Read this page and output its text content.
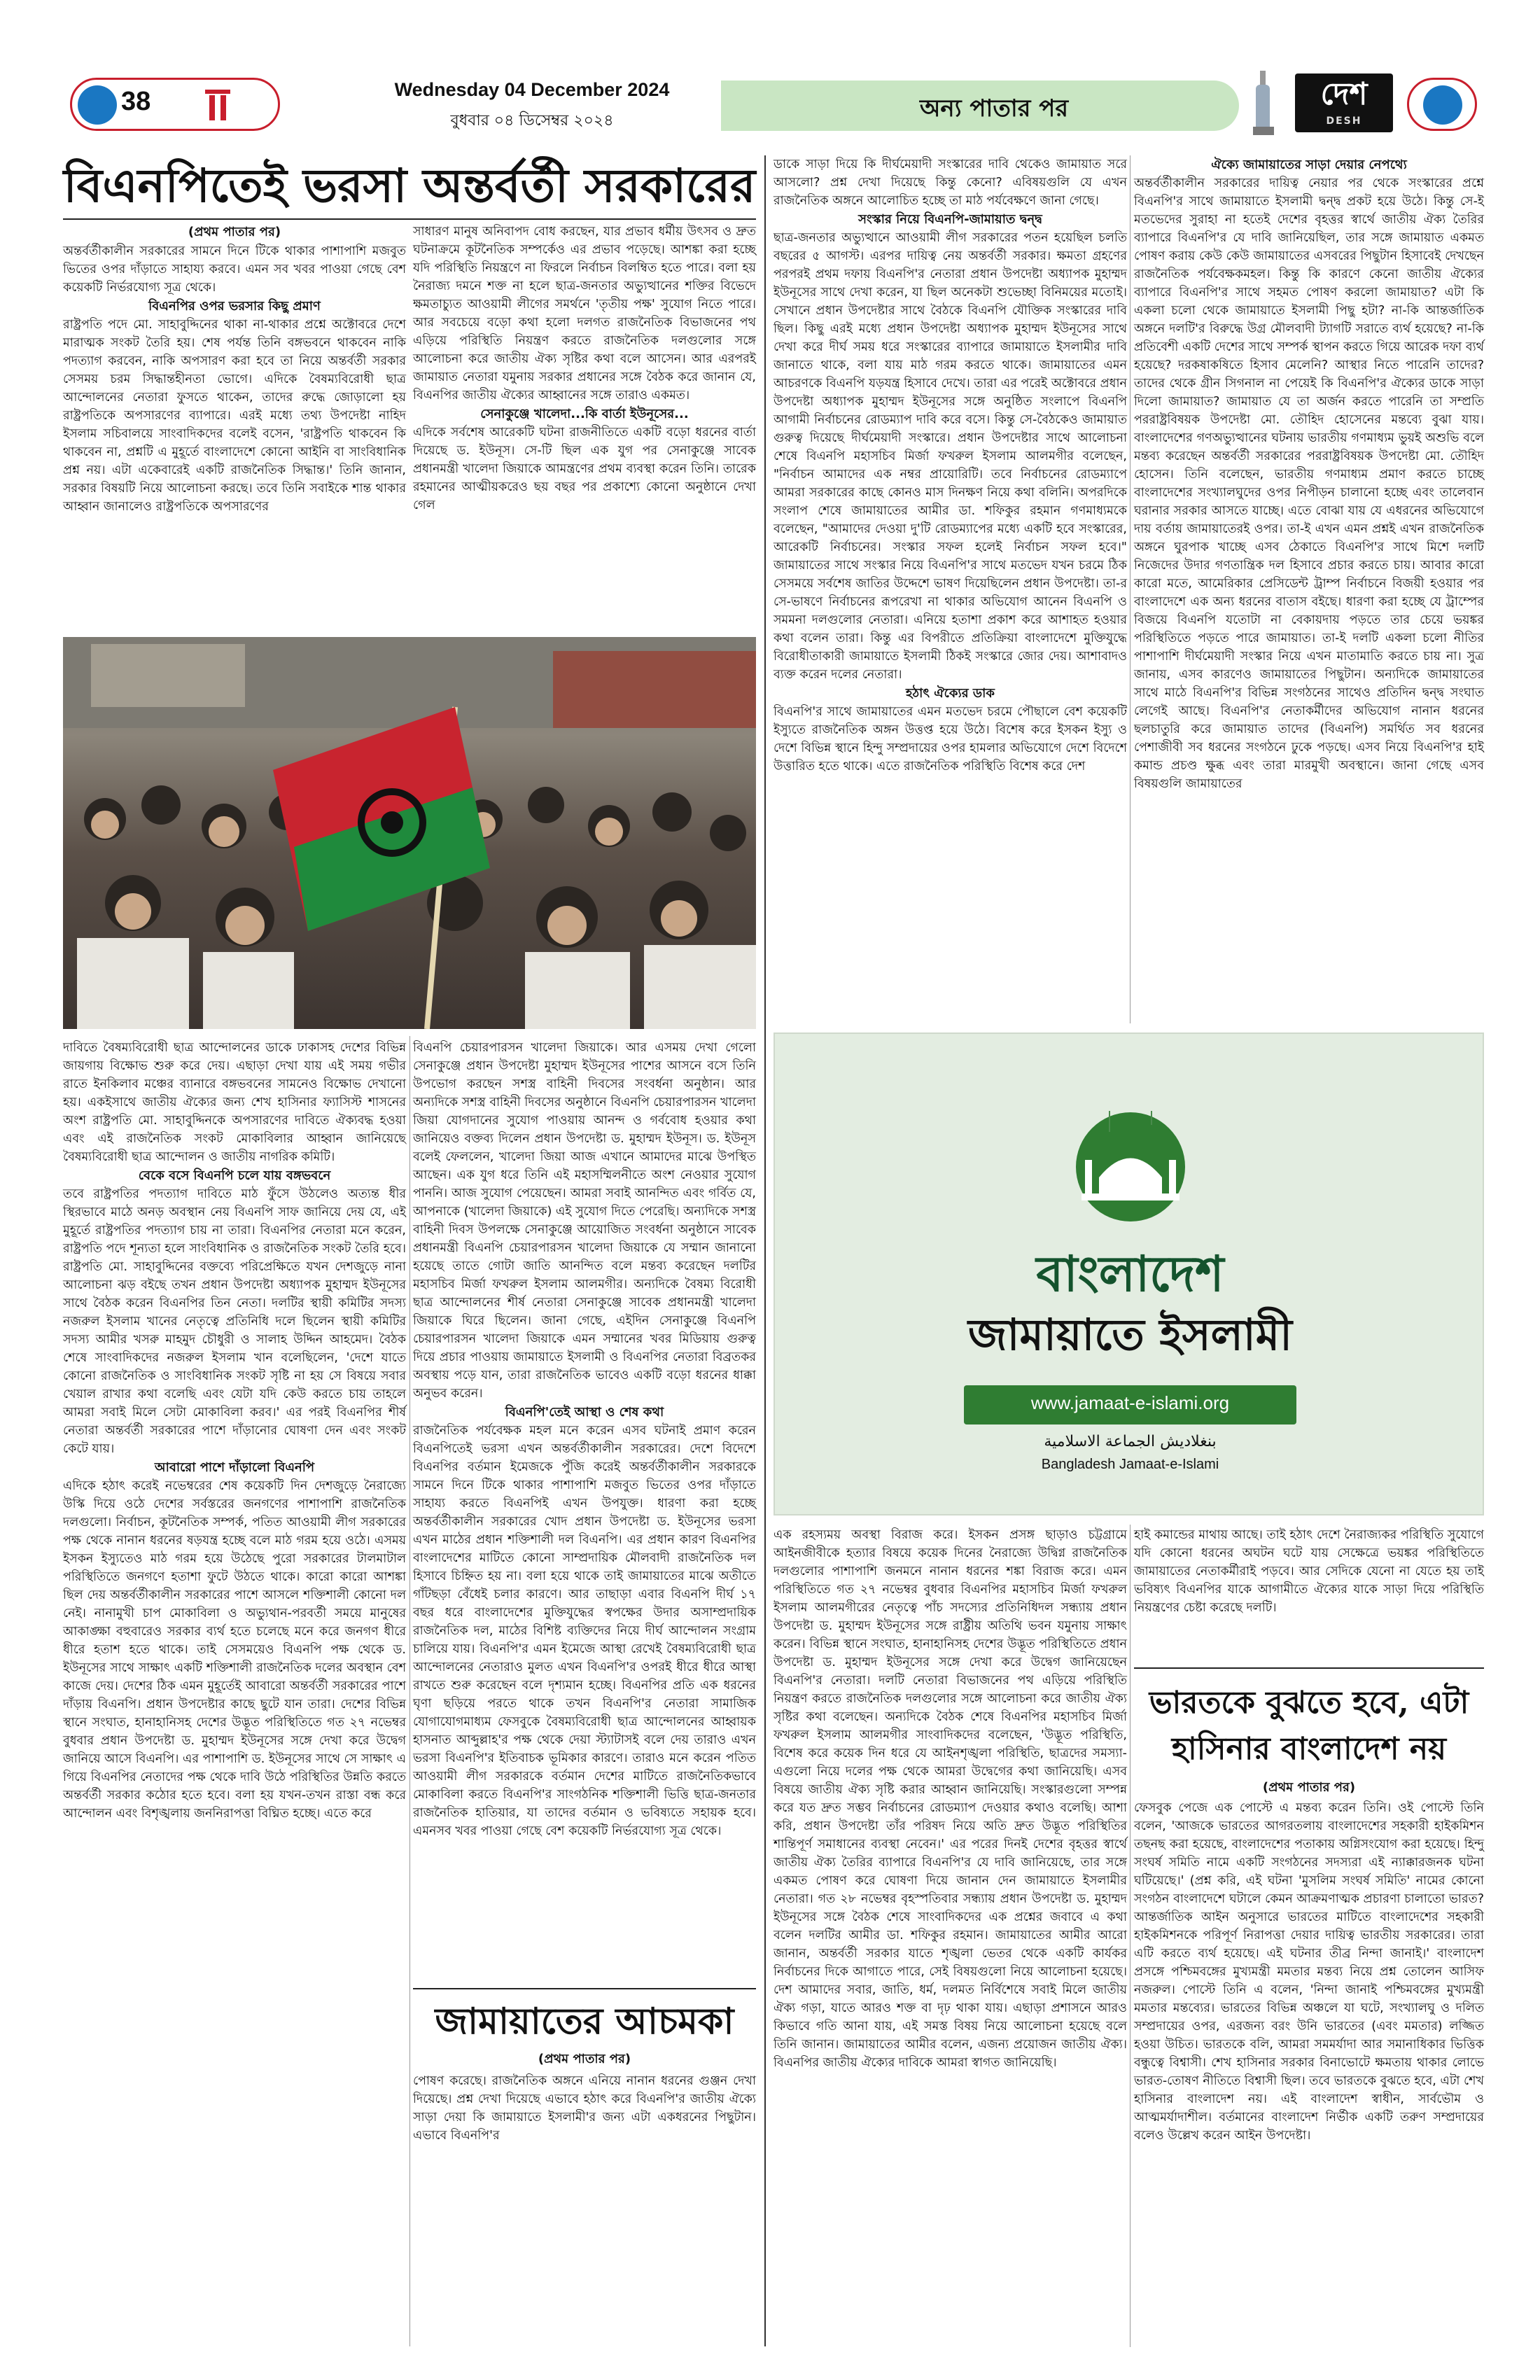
38	Wednesday 04 December 2024
বুধবার ০৪ ডিসেম্বর ২০২৪	অন্য পাতার পর	দেশ
DESH
বিএনপিতেই ভরসা অন্তর্বর্তী সরকারের
(প্রথম পাতার পর)

অন্তর্বর্তীকালীন সরকারের সামনে দিনে টিকে থাকার পাশাপাশি মজবুত ভিতের ওপর দাঁড়াতে সাহায্য করবে। এমন সব খবর পাওয়া গেছে বেশ কয়েকটি নির্ভরযোগ্য সূত্র থেকে।

বিএনপির ওপর ভরসার কিছু প্রমাণ

রাষ্ট্রপতি পদে মো. সাহাবুদ্দিনের থাকা না-থাকার প্রশ্নে অক্টোবরে দেশে মারাত্মক সংকট তৈরি হয়। শেষ পর্যন্ত তিনি বঙ্গভবনে থাকবেন নাকি পদত্যাগ করবেন, নাকি অপসারণ করা হবে তা নিয়ে অন্তর্বর্তী সরকার সেসময় চরম সিদ্ধান্তহীনতা ভোগে। এদিকে বৈষম্যবিরোধী ছাত্র আন্দোলনের নেতারা ফুসতে থাকেন, তাদের রুদ্ধে জোড়ালো হয় রাষ্ট্রপতিকে অপসারণের ব্যাপারে। এরই মধ্যে তথ্য উপদেষ্টা নাহিদ ইসলাম সচিবালয়ে সাংবাদিকদের বলেই বসেন, 'রাষ্ট্রপতি থাকবেন কি থাকবেন না, প্রশ্নটি এ মুহূর্তে বাংলাদেশে কোনো আইনি বা সাংবিধানিক প্রশ্ন নয়। এটা একেবারেই একটি রাজনৈতিক সিদ্ধান্ত।' তিনি জানান, সরকার বিষয়টি নিয়ে আলোচনা করছে। তবে তিনি সবাইকে শান্ত থাকার আহ্বান জানালেও রাষ্ট্রপতিকে অপসারণের

সাধারণ মানুষ অনিবাপদ বোধ করছেন, যার প্রভাব ধর্মীয় উৎসব ও দ্রুত ঘটনাক্রমে কূটনৈতিক সম্পর্কেও এর প্রভাব পড়েছে। আশঙ্কা করা হচ্ছে যদি পরিস্থিতি নিয়ন্ত্রণে না ফিরলে নির্বাচন বিলম্বিত হতে পারে। বলা হয় নৈরাজ্য দমনে শক্ত না হলে ছাত্র-জনতার অভ্যুত্থানের শক্তির বিভেদে ক্ষমতাচ্যুত আওয়ামী লীগের সমর্থনে 'তৃতীয় পক্ষ' সুযোগ নিতে পারে। আর সবচেয়ে বড়ো কথা হলো দলগত রাজনৈতিক বিভাজনের পথ এড়িয়ে পরিস্থিতি নিয়ন্ত্রণ করতে রাজনৈতিক দলগুলোর সঙ্গে আলোচনা করে জাতীয় ঐক্য সৃষ্টির কথা বলে আসেন। আর এরপরই জামায়াত নেতারা যমুনায় সরকার প্রধানের সঙ্গে বৈঠক করে জানান যে, বিএনপির জাতীয় ঐক্যের আহ্বানের সঙ্গে তারাও একমত।

সেনাকুঞ্জে খালেদা...কি বার্তা ইউনূসের...

এদিকে সর্বশেষ আরেকটি ঘটনা রাজনীতিতে একটি বড়ো ধরনের বার্তা দিয়েছে ড. ইউনূস। সে-টি ছিল এক যুগ পর সেনাকুঞ্জে সাবেক প্রধানমন্ত্রী খালেদা জিয়াকে আমন্ত্রণের প্রথম ব্যবস্থা করেন তিনি। তারেক রহমানের আত্মীয়করেও ছয় বছর পর প্রকাশ্যে কোনো অনুষ্ঠানে দেখা গেল

দাবিতে বৈষম্যবিরোধী ছাত্র আন্দোলনের ডাকে ঢাকাসহ দেশের বিভিন্ন জায়গায় বিক্ষোভ শুরু করে দেয়। এছাড়া দেখা যায় এই সময় গভীর রাতে ইনকিলাব মঞ্চের ব্যানারে বঙ্গভবনের সামনেও বিক্ষোভ দেখানো হয়। একইসাথে জাতীয় ঐক্যের জন্য শেখ হাসিনার ফ্যাসিস্ট শাসনের অংশ রাষ্ট্রপতি মো. সাহাবুদ্দিনকে অপসারণের দাবিতে ঐক্যবদ্ধ হওয়া এবং এই রাজনৈতিক সংকট মোকাবিলার আহ্বান জানিয়েছে বৈষম্যবিরোধী ছাত্র আন্দোলন ও জাতীয় নাগরিক কমিটি।

বেকে বসে বিএনপি চলে যায় বঙ্গভবনে

তবে রাষ্ট্রপতির পদত্যাগ দাবিতে মাঠ ফুঁসে উঠলেও অত্যন্ত ধীর স্থিরভাবে মাঠে অনড় অবস্থান নেয় বিএনপি সাফ জানিয়ে দেয় যে, এই মুহূর্তে রাষ্ট্রপতির পদত্যাগ চায় না তারা। বিএনপির নেতারা মনে করেন, রাষ্ট্রপতি পদে শূন্যতা হলে সাংবিধানিক ও রাজনৈতিক সংকট তৈরি হবে। রাষ্ট্রপতি মো. সাহাবুদ্দিনের বক্তব্যে পরিপ্রেক্ষিতে যখন দেশজুড়ে নানা আলোচনা ঝড় বইছে তখন প্রধান উপদেষ্টা অধ্যাপক মুহাম্মদ ইউনূসের সাথে বৈঠক করেন বিএনপির তিন নেতা। দলটির স্থায়ী কমিটির সদস্য নজরুল ইসলাম খানের নেতৃত্বে প্রতিনিধি দলে ছিলেন স্থায়ী কমিটির সদস্য আমীর খসরু মাহমুদ চৌধুরী ও সালাহ উদ্দিন আহমেদ। বৈঠক শেষে সাংবাদিকদের নজরুল ইসলাম খান বলেছিলেন, 'দেশে যাতে কোনো রাজনৈতিক ও সাংবিধানিক সংকট সৃষ্টি না হয় সে বিষয়ে সবার খেয়াল রাখার কথা বলেছি এবং যেটা যদি কেউ করতে চায় তাহলে আমরা সবাই মিলে সেটা মোকাবিলা করব।' এর পরই বিএনপির শীর্ষ নেতারা অন্তর্বর্তী সরকারের পাশে দাঁড়ানোর ঘোষণা দেন এবং সংকট কেটে যায়।

আবারো পাশে দাঁড়ালো বিএনপি

এদিকে হঠাৎ করেই নভেম্বরের শেষ কয়েকটি দিন দেশজুড়ে নৈরাজ্যে উস্কি দিয়ে ওঠে দেশের সর্বস্তরের জনগণের পাশাপাশি রাজনৈতিক দলগুলো। নির্বাচন, কূটনৈতিক সম্পর্ক, পতিত আওয়ামী লীগ সরকারের পক্ষ থেকে নানান ধরনের ষড়যন্ত্র হচ্ছে বলে মাঠ গরম হয়ে ওঠে। এসময় ইসকন ইস্যুতেও মাঠ গরম হয়ে উঠেছে পুরো সরকারের টালমাটাল পরিস্থিতিতে জনগণে হতাশা ফুটে উঠতে থাকে। কারো কারো আশঙ্কা ছিল দেয় অন্তর্বর্তীকালীন সরকারের পাশে আসলে শক্তিশালী কোনো দল নেই। নানামুখী চাপ মোকাবিলা ও অভ্যুথান-পরবর্তী সময়ে মানুষের আকাঙ্ক্ষা বহুবারেও সরকার ব্যর্থ হতে চলেছে মনে করে জনগণ ধীরে ধীরে হতাশ হতে থাকে। তাই সেসময়েও বিএনপি পক্ষ থেকে ড. ইউনূসের সাথে সাক্ষাৎ একটি শক্তিশালী রাজনৈতিক দলের অবস্থান বেশ কাজে দেয়। দেশের ঠিক এমন মুহূর্তেই আবারো অন্তর্বর্তী সরকারের পাশে দাঁড়ায় বিএনপি। প্রধান উপদেষ্টার কাছে ছুটে যান তারা। দেশের বিভিন্ন স্থানে সংঘাত, হানাহানিসহ দেশের উদ্ভূত পরিস্থিতিতে গত ২৭ নভেম্বর বুধবার প্রধান উপদেষ্টা ড. মুহাম্মদ ইউনূসের সঙ্গে দেখা করে উদ্বেগ জানিয়ে আসে বিএনপি। এর পাশাপাশি ড. ইউনূসের সাথে সে সাক্ষাৎ এ গিয়ে বিএনপির নেতাদের পক্ষ থেকে দাবি উঠে পরিস্থিতির উন্নতি করতে অন্তর্বর্তী সরকার কঠোর হতে হবে। বলা হয় যখন-তখন রাস্তা বন্ধ করে আন্দোলন এবং বিশৃঙ্খলায় জননিরাপত্তা বিঘ্নিত হচ্ছে। এতে করে

বিএনপি চেয়ারপারসন খালেদা জিয়াকে। আর এসময় দেখা গেলো সেনাকুঞ্জে প্রধান উপদেষ্টা মুহাম্মদ ইউনূসের পাশের আসনে বসে তিনি উপভোগ করছেন সশস্ত্র বাহিনী দিবসের সংবর্ধনা অনুষ্ঠান। আর অন্যদিকে সশস্ত্র বাহিনী দিবসের অনুষ্ঠানে বিএনপি চেয়ারপারসন খালেদা জিয়া যোগদানের সুযোগ পাওয়ায় আনন্দ ও গর্ববোধ হওয়ার কথা জানিয়েও বক্তব্য দিলেন প্রধান উপদেষ্টা ড. মুহাম্মদ ইউনূস। ড. ইউনূস বলেই ফেললেন, খালেদা জিয়া আজ এখানে আমাদের মাঝে উপস্থিত আছেন। এক যুগ ধরে তিনি এই মহাসম্মিলনীতে অংশ নেওয়ার সুযোগ পাননি। আজ সুযোগ পেয়েছেন। আমরা সবাই আনন্দিত এবং গর্বিত যে, আপনাকে (খালেদা জিয়াকে) এই সুযোগ দিতে পেরেছি। অন্যদিকে সশস্ত্র বাহিনী দিবস উপলক্ষে সেনাকুঞ্জে আয়োজিত সংবর্ধনা অনুষ্ঠানে সাবেক প্রধানমন্ত্রী বিএনপি চেয়ারপারসন খালেদা জিয়াকে যে সম্মান জানানো হয়েছে তাতে গোটা জাতি আনন্দিত বলে মন্তব্য করেছেন দলটির মহাসচিব মির্জা ফখরুল ইসলাম আলমগীর। অন্যদিকে বৈষম্য বিরোধী ছাত্র আন্দোলনের শীর্ষ নেতারা সেনাকুঞ্জে সাবেক প্রধানমন্ত্রী খালেদা জিয়াকে ঘিরে ছিলেন। জানা গেছে, এইদিন সেনাকুঞ্জে বিএনপি চেয়ারপারসন খালেদা জিয়াকে এমন সম্মানের খবর মিডিয়ায় গুরুত্ব দিয়ে প্রচার পাওয়ায় জামায়াতে ইসলামী ও বিএনপির নেতারা বিব্রতকর অবস্থায় পড়ে যান, তারা রাজনৈতিক ভাবেও একটি বড়ো ধরনের ধাক্কা অনুভব করেন।

বিএনপি'তেই আস্থা ও শেষ কথা

রাজনৈতিক পর্যবেক্ষক মহল মনে করেন এসব ঘটনাই প্রমাণ করেন বিএনপিতেই ভরসা এখন অন্তর্বর্তীকালীন সরকারের। দেশে বিদেশে বিএনপির বর্তমান ইমেজকে পুঁজি করেই অন্তর্বর্তীকালীন সরকারকে সামনে দিনে টিকে থাকার পাশাপাশি মজবুত ভিতের ওপর দাঁড়াতে সাহায্য করতে বিএনপিই এখন উপযুক্ত। ধারণা করা হচ্ছে অন্তর্বর্তীকালীন সরকারের খোদ প্রধান উপদেষ্টা ড. ইউনূসের ভরসা এখন মাঠের প্রধান শক্তিশালী দল বিএনপি। এর প্রধান কারণ বিএনপির বাংলাদেশের মাটিতে কোনো সাম্প্রদায়িক মৌলবাদী রাজনৈতিক দল হিসাবে চিহ্নিত হয় না। বলা হয়ে থাকে তাই জামায়াতের মাঝে অতীতে গাঁটছড়া বেঁধেই চলার কারণে। আর তাছাড়া এবার বিএনপি দীর্ঘ ১৭ বছর ধরে বাংলাদেশের মুক্তিযুদ্ধের স্বপক্ষের উদার অসাম্প্রদায়িক রাজনৈতিক দল, মাঠের বিশিষ্ট ব্যক্তিদের নিয়ে দীর্ঘ আন্দোলন সংগ্রাম চালিয়ে যায়। বিএনপি'র এমন ইমেজে আস্থা রেখেই বৈষম্যবিরোধী ছাত্র আন্দোলনের নেতারাও মুলত এখন বিএনপি'র ওপরই ধীরে ধীরে আস্থা রাখতে শুরু করেছেন বলে দৃশ্যমান হচ্ছে। বিএনপির প্রতি এক ধরনের ঘৃণা ছড়িয়ে পরতে থাকে তখন বিএনপি'র নেতারা সামাজিক যোগাযোগমাধ্যম ফেসবুকে বৈষম্যবিরোধী ছাত্র আন্দোলনের আহ্বায়ক হাসনাত আব্দুল্লাহ'র পক্ষ থেকে দেয়া স্ট্যাটাসই বলে দেয় তারাও এখন ভরসা বিএনপি'র ইতিবাচক ভূমিকার কারণে। তারাও মনে করেন পতিত আওয়ামী লীগ সরকারকে বর্তমান দেশের মাটিতে রাজনৈতিকভাবে মোকাবিলা করতে বিএনপি'র সাংগঠনিক শক্তিশালী ভিত্তি ছাত্র-জনতার রাজনৈতিক হাতিয়ার, যা তাদের বর্তমান ও ভবিষ্যতে সহায়ক হবে। এমনসব খবর পাওয়া গেছে বেশ কয়েকটি নির্ভরযোগ্য সূত্র থেকে।

জামায়াতের আচমকা
(প্রথম পাতার পর)

পোষণ করেছে। রাজনৈতিক অঙ্গনে এনিয়ে নানান ধরনের গুঞ্জন দেখা দিয়েছে। প্রশ্ন দেখা দিয়েছে এভাবে হঠাৎ করে বিএনপি'র জাতীয় ঐক্যে সাড়া দেয়া কি জামায়াতে ইসলামী'র জন্য এটা একধরনের পিছুটান। এভাবে বিএনপি'র

ডাকে সাড়া দিয়ে কি দীর্ঘমেয়াদী সংস্কারের দাবি থেকেও জামায়াত সরে আসলো? প্রশ্ন দেখা দিয়েছে কিন্তু কেনো? এবিষয়গুলি যে এখন রাজনৈতিক অঙ্গনে আলোচিত হচ্ছে তা মাঠ পর্যবেক্ষণে জানা গেছে।

সংস্কার নিয়ে বিএনপি-জামায়াত দ্বন্দ্ব

ছাত্র-জনতার অভ্যুত্থানে আওয়ামী লীগ সরকারের পতন হয়েছিল চলতি বছরের ৫ আগস্ট। এরপর দায়িত্ব নেয় অন্তর্বর্তী সরকার। ক্ষমতা গ্রহণের পরপরই প্রথম দফায় বিএনপি'র নেতারা প্রধান উপদেষ্টা অধ্যাপক মুহাম্মদ ইউনূসের সাথে দেখা করেন, যা ছিল অনেকটা শুভেচ্ছা বিনিময়ের মতোই। সেখানে প্রধান উপদেষ্টার সাথে বৈঠকে বিএনপি যৌক্তিক সংস্কারের দাবি ছিল। কিছু এরই মধ্যে প্রধান উপদেষ্টা অধ্যাপক মুহাম্মদ ইউনূসের সাথে দেখা করে দীর্ঘ সময় ধরে সংস্কারের ব্যাপারে জামায়াতে ইসলামীর দাবি জানাতে থাকে, বলা যায় মাঠ গরম করতে থাকে। জামায়াতের এমন আচরণকে বিএনপি যড়যন্ত্র হিসাবে দেখে। তারা এর পরেই অক্টোবরে প্রধান উপদেষ্টা অধ্যাপক মুহাম্মদ ইউনূসের সঙ্গে অনুষ্ঠিত সংলাপে বিএনপি আগামী নির্বাচনের রোডম্যাপ দাবি করে বসে। কিন্তু সে-বৈঠকেও জামায়াত গুরুত্ব দিয়েছে দীর্ঘমেয়াদী সংস্কারে। প্রধান উপদেষ্টার সাথে আলোচনা শেষে বিএনপি মহাসচিব মির্জা ফখরুল ইসলাম আলমগীর বলেছেন, "নির্বাচন আমাদের এক নম্বর প্রায়োরিটি। তবে নির্বাচনের রোডম্যাপে আমরা সরকারের কাছে কোনও মাস দিনক্ষণ নিয়ে কথা বলিনি। অপরদিকে সংলাপ শেষে জামায়াতের আমীর ডা. শফিকুর রহমান গণমাধ্যমকে বলেছেন, "আমাদের দেওয়া দু'টি রোডম্যাপের মধ্যে একটি হবে সংস্কারের, আরেকটি নির্বাচনের। সংস্কার সফল হলেই নির্বাচন সফল হবে।" জামায়াতের সাথে সংস্কার নিয়ে বিএনপি'র সাথে মতভেদ যখন চরমে ঠিক সেসময়ে সর্বশেষ জাতির উদ্দেশে ভাষণ দিয়েছিলেন প্রধান উপদেষ্টা। তা-র সে-ভাষণে নির্বাচনের রূপরেখা না থাকার অভিযোগ আনেন বিএনপি ও সমমনা দলগুলোর নেতারা। এনিয়ে হতাশা প্রকাশ করে আশাহত হওয়ার কথা বলেন তারা। কিন্তু এর বিপরীতে প্রতিক্রিয়া বাংলাদেশে মুক্তিযুদ্ধে বিরোধীতাকারী জামায়াতে ইসলামী ঠিকই সংস্কারে জোর দেয়। আশাবাদও ব্যক্ত করেন দলের নেতারা।

হঠাৎ ঐক্যের ডাক

বিএনপি'র সাথে জামায়াতের এমন মতভেদ চরমে পৌছালে বেশ কয়েকটি ইস্যুতে রাজনৈতিক অঙ্গন উত্তপ্ত হয়ে উঠে। বিশেষ করে ইসকন ইস্যু ও দেশে বিভিন্ন স্থানে হিন্দু সম্প্রদায়ের ওপর হামলার অভিযোগে দেশে বিদেশে উত্তারিত হতে থাকে। এতে রাজনৈতিক পরিস্থিতি বিশেষ করে দেশ

ঐক্যে জামায়াতের সাড়া দেয়ার নেপথ্যে

অন্তর্বর্তীকালীন সরকারের দায়িত্ব নেয়ার পর থেকে সংস্কারের প্রশ্নে বিএনপি'র সাথে জামায়াতে ইসলামী দ্বন্দ্ব প্রকট হয়ে উঠে। কিন্তু সে-ই মতভেদের সুরাহা না হতেই দেশের বৃহত্তর স্বার্থে জাতীয় ঐক্য তৈরির ব্যাপারে বিএনপি'র যে দাবি জানিয়েছিল, তার সঙ্গে জামায়াত একমত পোষণ করায় কেউ কেউ জামায়াতের এসবরের পিছুটান হিসাবেই দেখছেন রাজনৈতিক পর্যবেক্ষকমহল। কিন্তু কি কারণে কেনো জাতীয় ঐক্যের ব্যাপারে বিএনপি'র সাথে সহমত পোষণ করলো জামায়াত? এটা কি একলা চলো থেকে জামায়াতে ইসলামী পিছু হটা? না-কি আন্তর্জাতিক অঙ্গনে দলটি'র বিরুদ্ধে উগ্র মৌলবাদী ট্যাগটি সরাতে ব্যর্থ হয়েছে? না-কি প্রতিবেশী একটি দেশের সাথে সম্পর্ক স্থাপন করতে গিয়ে আরেক দফা ব্যর্থ হয়েছে? দরকষাকষিতে হিসাব মেলেনি? আস্থার নিতে পারেনি তাদের? তাদের থেকে গ্রীন সিগনাল না পেয়েই কি বিএনপি'র ঐক্যের ডাকে সাড়া দিলো জামায়াত? জামায়াত যে তা অর্জন করতে পারেনি তা সম্প্রতি পররাষ্ট্রবিষয়ক উপদেষ্টা মো. তৌহিদ হোসেনের মন্তব্যে বুঝা যায়। বাংলাদেশের গণঅভ্যুত্থানের ঘটনায় ভারতীয় গণমাধ্যম ভুয়ই অশুভি বলে মন্তব্য করেছেন অন্তর্বর্তী সরকারের পররাষ্ট্রবিষয়ক উপদেষ্টা মো. তৌহিদ হোসেন। তিনি বলেছেন, ভারতীয় গণমাধ্যম প্রমাণ করতে চাচ্ছে বাংলাদেশের সংখ্যালঘুদের ওপর নিপীড়ন চালানো হচ্ছে এবং তালেবান ঘরানার সরকার আসতে যাচ্ছে। এতে বোঝা যায় যে এধরনের অভিযোগে দায় বর্তায় জামায়াতেরই ওপর। তা-ই এখন এমন প্রশ্নই এখন রাজনৈতিক অঙ্গনে ঘুরপাক খাচ্ছে এসব ঠেকাতে বিএনপি'র সাথে মিশে দলটি নিজেদের উদার গণতান্ত্রিক দল হিসাবে প্রচার করতে চায়। আবার কারো কারো মতে, আমেরিকার প্রেসিডেন্ট ট্রাম্প নির্বাচনে বিজয়ী হওয়ার পর বাংলাদেশে এক অন্য ধরনের বাতাস বইছে। ধারণা করা হচ্ছে যে ট্রাম্পের বিজয়ে বিএনপি যতোটা না বেকায়দায় পড়তে তার চেয়ে ভয়ঙ্কর পরিস্থিতিতে পড়তে পারে জামায়াত। তা-ই দলটি একলা চলো নীতির পাশাপাশি দীর্ঘমেয়াদী সংস্কার নিয়ে এখন মাতামাতি করতে চায় না। সুত্র জানায়, এসব কারণেও জামায়াতের পিছুটান। অন্যদিকে জামায়াতের সাথে মাঠে বিএনপি'র বিভিন্ন সংগঠনের সাথেও প্রতিদিন দ্বন্দ্ব সংঘাত লেগেই আছে। বিএনপি'র নেতাকর্মীদের অভিযোগ নানান ধরনের ছলচাতুরি করে জামায়াত তাদের (বিএনপি) সমর্থিত সব ধরনের পেশাজীবী সব ধরনের সংগঠনে ঢুকে পড়ছে। এসব নিয়ে বিএনপি'র হাই কমান্ড প্রচণ্ড ক্ষুব্ধ এবং তারা মারমুখী অবস্থানে। জানা গেছে এসব বিষয়গুলি জামায়াতের

বাংলাদেশ
জামায়াতে ইসলামী
www.jamaat-e-islami.org
بنغلاديش الجماعة الاسلامية
Bangladesh Jamaat-e-Islami

এক রহস্যময় অবস্থা বিরাজ করে। ইসকন প্রসঙ্গ ছাড়াও চট্টগ্রামে আইনজীবীকে হত্যার বিষয়ে কয়েক দিনের নৈরাজ্যে উদ্বিগ্ন রাজনৈতিক দলগুলোর পাশাপাশি জনমনে নানান ধরনের শঙ্কা বিরাজ করে। এমন পরিস্থিতিতে গত ২৭ নভেম্বর বুধবার বিএনপির মহাসচিব মির্জা ফখরুল ইসলাম আলমগীরের নেতৃত্বে পাঁচ সদস্যের প্রতিনিধিদল সন্ধ্যায় প্রধান উপদেষ্টা ড. মুহাম্মদ ইউনূসের সঙ্গে রাষ্ট্রীয় অতিথি ভবন যমুনায় সাক্ষাৎ করেন। বিভিন্ন স্থানে সংঘাত, হানাহানিসহ দেশের উদ্ভূত পরিস্থিতিতে প্রধান উপদেষ্টা ড. মুহাম্মদ ইউনূসের সঙ্গে দেখা করে উদ্বেগ জানিয়েছেন বিএনপি'র নেতারা। দলটি নেতারা বিভাজনের পথ এড়িয়ে পরিস্থিতি নিয়ন্ত্রণ করতে রাজনৈতিক দলগুলোর সঙ্গে আলোচনা করে জাতীয় ঐক্য সৃষ্টির কথা বলেছেন। অন্যদিকে বৈঠক শেষে বিএনপির মহাসচিব মির্জা ফখরুল ইসলাম আলমগীর সাংবাদিকদের বলেছেন, 'উদ্ভূত পরিস্থিতি, বিশেষ করে কয়েক দিন ধরে যে আইনশৃঙ্খলা পরিস্থিতি, ছাত্রদের সমস্যা-এগুলো নিয়ে দলের পক্ষ থেকে আমরা উদ্বেগের কথা জানিয়েছি। এসব বিষয়ে জাতীয় ঐক্য সৃষ্টি করার আহ্বান জানিয়েছি। সংস্কারগুলো সম্পন্ন করে যত দ্রুত সম্ভব নির্বাচনের রোডম্যাপ দেওয়ার কথাও বলেছি। আশা করি, প্রধান উপদেষ্টা তাঁর পরিষদ নিয়ে অতি দ্রুত উদ্ভূত পরিস্থিতির শান্তিপূর্ণ সমাধানের ব্যবস্থা নেবেন।' এর পরের দিনই দেশের বৃহত্তর স্বার্থে জাতীয় ঐক্য তৈরির ব্যাপারে বিএনপি'র যে দাবি জানিয়েছে, তার সঙ্গে একমত পোষণ করে ঘোষণা দিয়ে জানান দেন জামায়াতে ইসলামীর নেতারা। গত ২৮ নভেম্বর বৃহস্পতিবার সন্ধ্যায় প্রধান উপদেষ্টা ড. মুহাম্মদ ইউনূসের সঙ্গে বৈঠক শেষে সাংবাদিকদের এক প্রশ্নের জবাবে এ কথা বলেন দলটির আমীর ডা. শফিকুর রহমান। জামায়াতের আমীর আরো জানান, অন্তর্বর্তী সরকার যাতে শৃঙ্খলা ভেতর থেকে একটি কার্যকর নির্বাচনের দিকে আগাতে পারে, সেই বিষয়গুলো নিয়ে আলোচনা হয়েছে। দেশ আমাদের সবার, জাতি, ধর্ম, দলমত নির্বিশেষে সবাই মিলে জাতীয় ঐক্য গড়া, যাতে আরও শক্ত বা দৃঢ় থাকা যায়। এছাড়া প্রশাসনে আরও কিভাবে গতি আনা যায়, এই সমস্ত বিষয় নিয়ে আলোচনা হয়েছে বলে তিনি জানান। জামায়াতের আমীর বলেন, এজন্য প্রয়োজন জাতীয় ঐক্য। বিএনপির জাতীয় ঐক্যের দাবিকে আমরা স্বাগত জানিয়েছি।

হাই কমান্ডের মাথায় আছে। তাই হঠাৎ দেশে নৈরাজ্যকর পরিস্থিতি সুযোগে যদি কোনো ধরনের অঘটন ঘটে যায় সেক্ষেত্রে ভয়ঙ্কর পরিস্থিতিতে জামায়াতের নেতাকর্মীরাই পড়বে। আর সেদিকে যেনো না যেতে হয় তাই ভবিষ্যৎ বিএনপির যাকে আগামীতে ঐক্যের যাকে সাড়া দিয়ে পরিস্থিতি নিয়ন্ত্রণের চেষ্টা করেছে দলটি।

ভারতকে বুঝতে হবে, এটা হাসিনার বাংলাদেশ নয়
(প্রথম পাতার পর)

ফেসবুক পেজে এক পোস্টে এ মন্তব্য করেন তিনি। ওই পোস্টে তিনি বলেন, 'আজকে ভারতের আগরতলায় বাংলাদেশের সহকারী হাইকমিশন তছনছ করা হয়েছে, বাংলাদেশের পতাকায় অগ্নিসংযোগ করা হয়েছে। হিন্দু সংঘর্ষ সমিতি নামে একটি সংগঠনের সদস্যরা এই ন্যাক্কারজনক ঘটনা ঘটিয়েছে।' (প্রশ্ন করি, এই ঘটনা 'মুসলিম সংঘর্ষ সমিতি' নামের কোনো সংগঠন বাংলাদেশে ঘটালে কেমন আক্রমণাত্মক প্রচারণা চালাতো ভারত? আন্তর্জাতিক আইন অনুসারে ভারতের মাটিতে বাংলাদেশের সহকারী হাইকমিশনকে পরিপূর্ণ নিরাপত্তা দেয়ার দায়িত্ব ভারতীয় সরকারের। তারা এটি করতে ব্যর্থ হয়েছে। এই ঘটনার তীব্র নিন্দা জানাই।' বাংলাদেশ প্রসঙ্গে পশ্চিমবঙ্গের মুখ্যমন্ত্রী মমতার মন্তব্য নিয়ে প্রশ্ন তোলেন আসিফ নজরুল। পোস্টে তিনি এ বলেন, 'নিন্দা জানাই পশ্চিমবঙ্গের মুখ্যমন্ত্রী মমতার মন্তব্যের। ভারতের বিভিন্ন অঞ্চলে যা ঘটে, সংখ্যালঘু ও দলিত সম্প্রদায়ের ওপর, এরজন্য বরং উনি ভারতের (এবং মমতার) লজ্জিত হওয়া উচিত। ভারতকে বলি, আমরা সমমর্যাদা আর সমানাধিকার ভিত্তিক বন্ধুত্বে বিশ্বাসী। শেখ হাসিনার সরকার বিনাভোটে ক্ষমতায় থাকার লোভে ভারত-তোষণ নীতিতে বিশ্বাসী ছিল। তবে ভারতকে বুঝতে হবে, এটা শেখ হাসিনার বাংলাদেশ নয়। এই বাংলাদেশ স্বাধীন, সার্বভৌম ও আত্মমর্যাদাশীল। বর্তমানের বাংলাদেশ নির্ভীক একটি তরুণ সম্প্রদায়ের বলেও উল্লেখ করেন আইন উপদেষ্টা।
